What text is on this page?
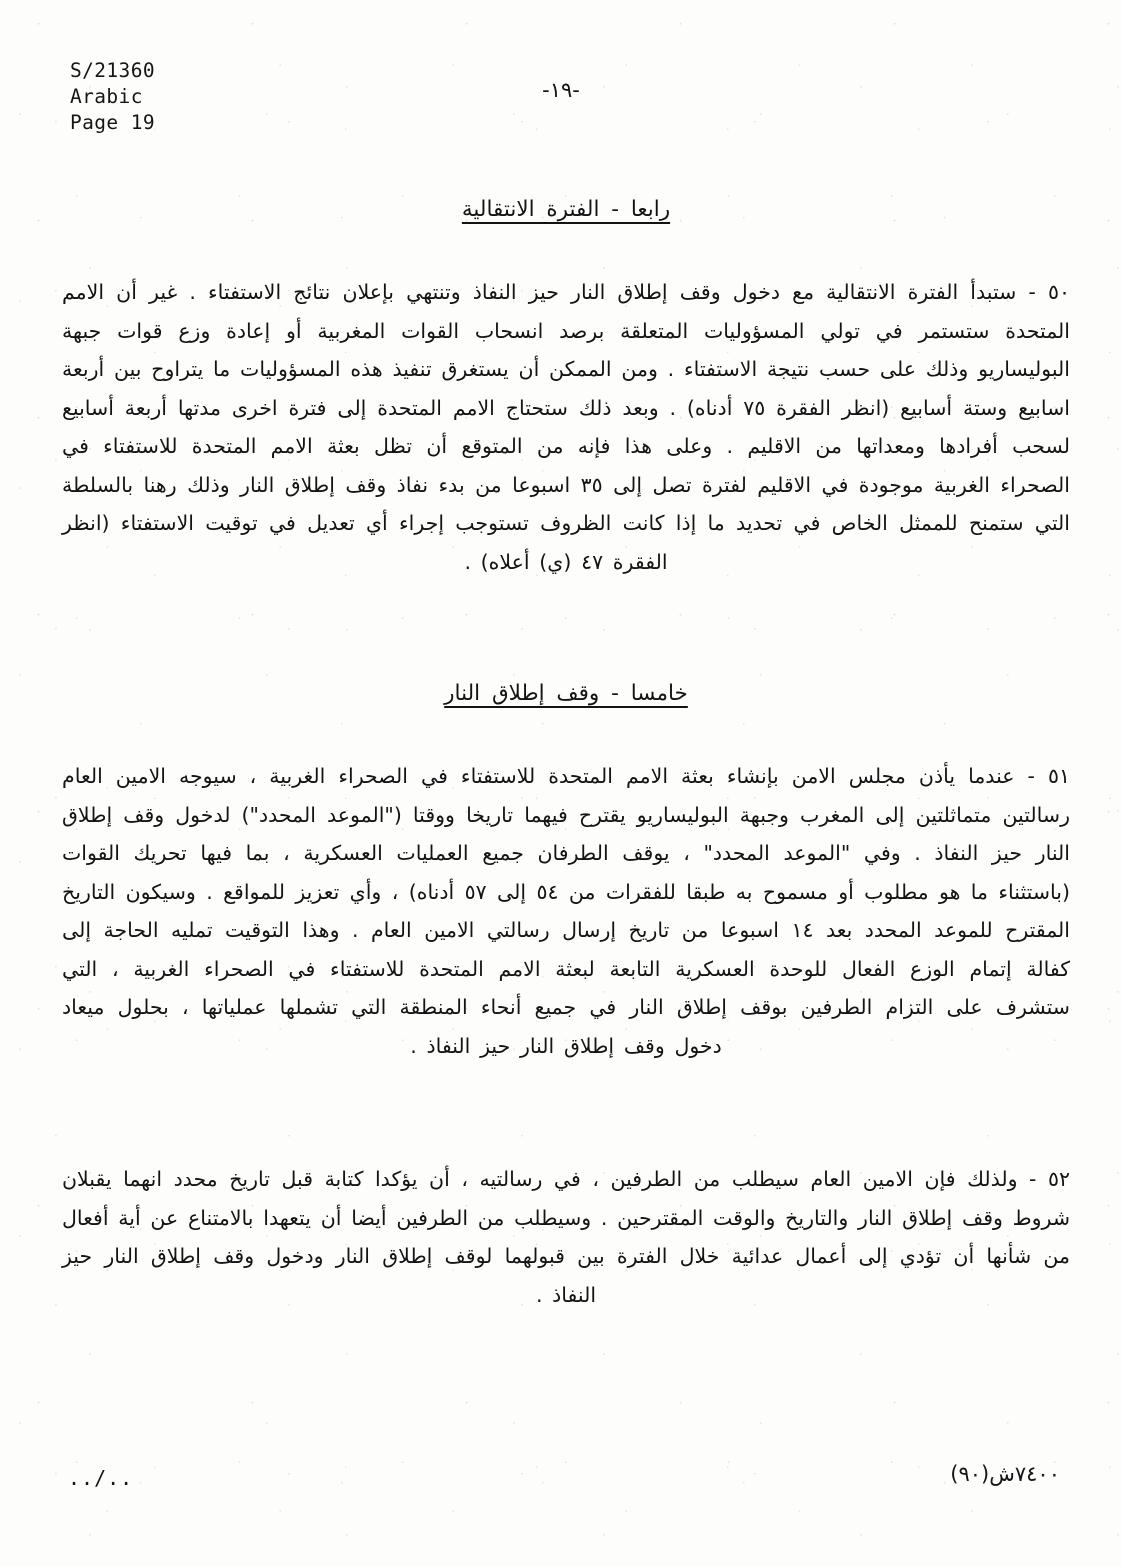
S/21360
Arabic
Page 19
-١٩-
رابعا - الفترة الانتقالية

٥٠ - ستبدأ الفترة الانتقالية مع دخول وقف إطلاق النار حيز النفاذ وتنتهي بإعلان نتائج الاستفتاء . غير أن الامم المتحدة ستستمر في تولي المسؤوليات المتعلقة برصد انسحاب القوات المغربية أو إعادة وزع قوات جبهة البوليساريو وذلك على حسب نتيجة الاستفتاء . ومن الممكن أن يستغرق تنفيذ هذه المسؤوليات ما يتراوح بين أربعة اسابيع وستة أسابيع (انظر الفقرة ٧٥ أدناه) . وبعد ذلك ستحتاج الامم المتحدة إلى فترة اخرى مدتها أربعة أسابيع لسحب أفرادها ومعداتها من الاقليم . وعلى هذا فإنه من المتوقع أن تظل بعثة الامم المتحدة للاستفتاء في الصحراء الغربية موجودة في الاقليم لفترة تصل إلى ٣٥ اسبوعا من بدء نفاذ وقف إطلاق النار وذلك رهنا بالسلطة التي ستمنح للممثل الخاص في تحديد ما إذا كانت الظروف تستوجب إجراء أي تعديل في توقيت الاستفتاء (انظر الفقرة ٤٧ (ي) أعلاه) .

خامسا - وقف إطلاق النار

٥١ - عندما يأذن مجلس الامن بإنشاء بعثة الامم المتحدة للاستفتاء في الصحراء الغربية ، سيوجه الامين العام رسالتين متماثلتين إلى المغرب وجبهة البوليساريو يقترح فيهما تاريخا ووقتا ("الموعد المحدد") لدخول وقف إطلاق النار حيز النفاذ . وفي "الموعد المحدد" ، يوقف الطرفان جميع العمليات العسكرية ، بما فيها تحريك القوات (باستثناء ما هو مطلوب أو مسموح به طبقا للفقرات من ٥٤ إلى ٥٧ أدناه) ، وأي تعزيز للمواقع . وسيكون التاريخ المقترح للموعد المحدد بعد ١٤ اسبوعا من تاريخ إرسال رسالتي الامين العام . وهذا التوقيت تمليه الحاجة إلى كفالة إتمام الوزع الفعال للوحدة العسكرية التابعة لبعثة الامم المتحدة للاستفتاء في الصحراء الغربية ، التي ستشرف على التزام الطرفين بوقف إطلاق النار في جميع أنحاء المنطقة التي تشملها عملياتها ، بحلول ميعاد دخول وقف إطلاق النار حيز النفاذ .

٥٢ - ولذلك فإن الامين العام سيطلب من الطرفين ، في رسالتيه ، أن يؤكدا كتابة قبل تاريخ محدد انهما يقبلان شروط وقف إطلاق النار والتاريخ والوقت المقترحين . وسيطلب من الطرفين أيضا أن يتعهدا بالامتناع عن أية أفعال من شأنها أن تؤدي إلى أعمال عدائية خلال الفترة بين قبولهما لوقف إطلاق النار ودخول وقف إطلاق النار حيز النفاذ .

../..	٧٤٠٠ش(٩٠)
